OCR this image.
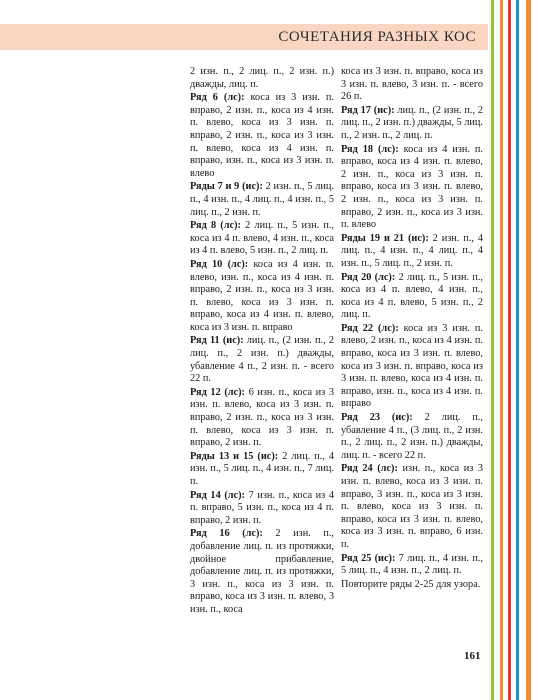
СОЧЕТАНИЯ РАЗНЫХ КОС

2 изн. п., 2 лиц. п., 2 изн. п.) дважды, лиц. п.

Ряд 6 (лс): коса из 3 изн. п. вправо, 2 изн. п., коса из 4 изн. п. влево, коса из 3 изн. п. вправо, 2 изн. п., коса из 3 изн. п. влево, коса из 4 изн. п. вправо, изн. п., коса из 3 изн. п. влево

Ряды 7 и 9 (ис): 2 изн. п., 5 лиц. п., 4 изн. п., 4 лиц. п., 4 изн. п., 5 лиц. п., 2 изн. п.

Ряд 8 (лс): 2 лиц. п., 5 изн. п., коса из 4 п. влево, 4 изн. п., коса из 4 п. влево, 5 изн. п., 2 лиц. п.

Ряд 10 (лс): коса из 4 изн. п. влево, изн. п., коса из 4 изн. п. вправо, 2 изн. п., коса из 3 изн. п. влево, коса из 3 изн. п. вправо, коса из 4 изн. п. влево, коса из 3 изн. п. вправо

Ряд 11 (ис): лиц. п., (2 изн. п., 2 лиц. п., 2 изн. п.) дважды, убавление 4 п., 2 изн. п. - всего 22 п.

Ряд 12 (лс): 6 изн. п., коса из 3 изн. п. влево, коса из 3 изн. п. вправо, 2 изн. п., коса из 3 изн. п. влево, коса из 3 изн. п. вправо, 2 изн. п.

Ряды 13 и 15 (ис): 2 лиц. п., 4 изн. п., 5 лиц. п., 4 изн. п., 7 лиц. п.

Ряд 14 (лс): 7 изн. п., коса из 4 п. вправо, 5 изн. п., коса из 4 п. вправо, 2 изн. п.

Ряд 16 (лс): 2 изн. п., добавление лиц. п. из протяжки, двойное прибавление, добавление лиц. п. из протяжки, 3 изн. п., коса из 3 изн. п. вправо, коса из 3 изн. п. влево, 3 изн. п., коса

коса из 3 изн. п. вправо, коса из 3 изн. п. влево, 3 изн. п. - всего 26 п.

Ряд 17 (ис): лиц. п., (2 изн. п., 2 лиц. п., 2 изн. п.) дважды, 5 лиц. п., 2 изн. п., 2 лиц. п.

Ряд 18 (лс): коса из 4 изн. п. вправо, коса из 4 изн. п. влево, 2 изн. п., коса из 3 изн. п. вправо, коса из 3 изн. п. влево, 2 изн. п., коса из 3 изн. п. вправо, 2 изн. п., коса из 3 изн. п. влево

Ряды 19 и 21 (ис): 2 изн. п., 4 лиц. п., 4 изн. п., 4 лиц. п., 4 изн. п., 5 лиц. п., 2 изн. п.

Ряд 20 (лс): 2 лиц. п., 5 изн. п., коса из 4 п. влево, 4 изн. п., коса из 4 п. влево, 5 изн. п., 2 лиц. п.

Ряд 22 (лс): коса из 3 изн. п. влево, 2 изн. п., коса из 4 изн. п. вправо, коса из 3 изн. п. влево, коса из 3 изн. п. вправо, коса из 3 изн. п. влево, коса из 4 изн. п. вправо, изн. п., коса из 4 изн. п. вправо

Ряд 23 (ис): 2 лиц. п., убавление 4 п., (3 лиц. п., 2 изн. п., 2 лиц. п., 2 изн. п.) дважды, лиц. п. - всего 22 п.

Ряд 24 (лс): изн. п., коса из 3 изн. п. влево, коса из 3 изн. п. вправо, 3 изн. п., коса из 3 изн. п. влево, коса из 3 изн. п. вправо, коса из 3 изн. п. влево, коса из 3 изн. п. вправо, 6 изн. п.

Ряд 25 (ис): 7 лиц. п., 4 изн. п., 5 лиц. п., 4 изн. п., 2 лиц. п.

Повторите ряды 2-25 для узора.

161
